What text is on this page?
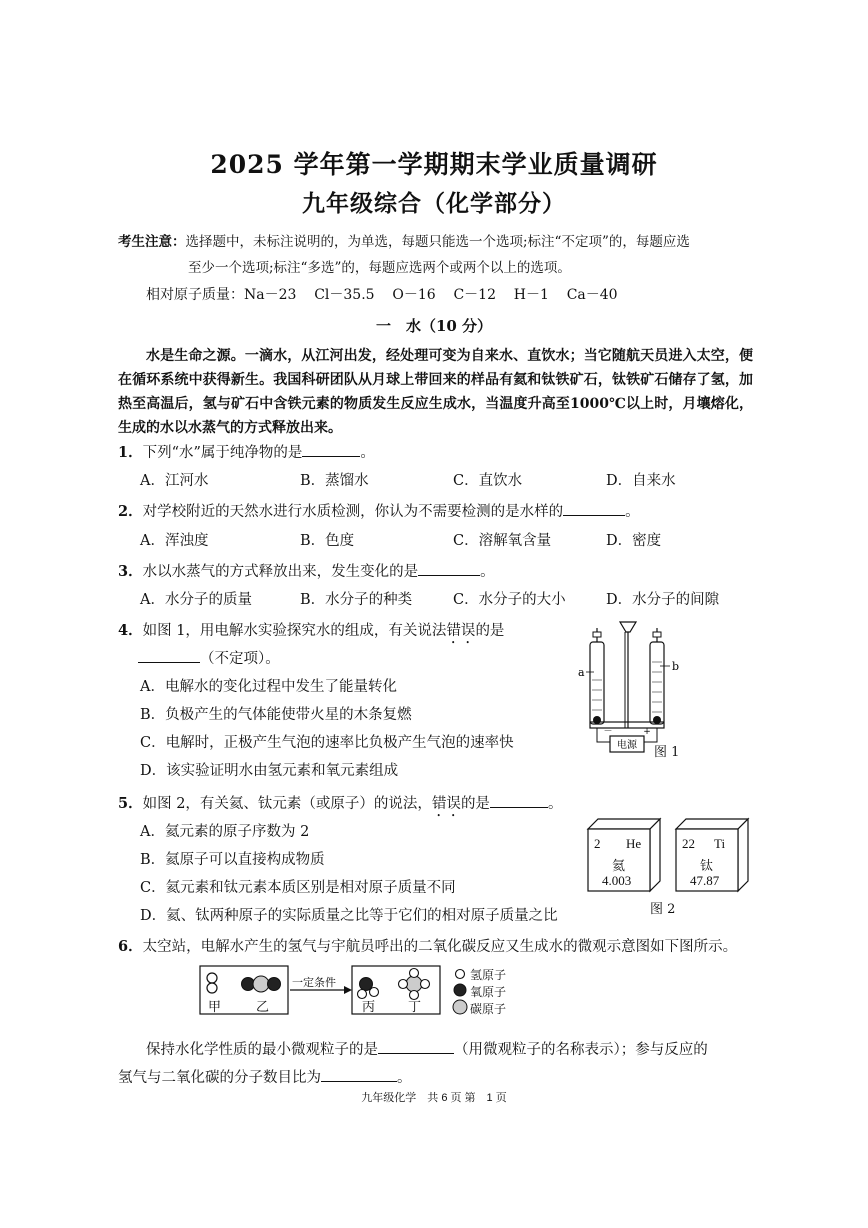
2025 学年第一学期期末学业质量调研
九年级综合（化学部分）
考生注意：选择题中，未标注说明的，为单选，每题只能选一个选项;标注“不定项”的，每题应选
至少一个选项;标注“多选”的，每题应选两个或两个以上的选项。
相对原子质量：Na－23    Cl－35.5    O－16    C－12    H－1    Ca－40
一　水（10 分）
水是生命之源。一滴水，从江河出发，经处理可变为自来水、直饮水；当它随航天员进入太空，便在循环系统中获得新生。我国科研团队从月球上带回来的样品有氦和钛铁矿石，钛铁矿石储存了氢，加热至高温后，氢与矿石中含铁元素的物质发生反应生成水，当温度升高至1000℃以上时，月壤熔化，生成的水以水蒸气的方式释放出来。
1．下列“水”属于纯净物的是	。
A．江河水	B．蒸馏水	C．直饮水	D．自来水
2．对学校附近的天然水进行水质检测，你认为不需要检测的是水样的	。
A．浑浊度	B．色度	C．溶解氧含量	D．密度
3．水以水蒸气的方式释放出来，发生变化的是	。
A．水分子的质量	B．水分子的种类	C．水分子的大小	D．水分子的间隙
4．如图 1，用电解水实验探究水的组成，有关说法错误的是
（不定项）。
A．电解水的变化过程中发生了能量转化
B．负极产生的气体能使带火星的木条复燃
C．电解时，正极产生气泡的速率比负极产生气泡的速率快
D．该实验证明水由氢元素和氧元素组成
电源
－	+
a	b
图 1
5．如图 2，有关氦、钛元素（或原子）的说法，错误的是	。
A．氦元素的原子序数为 2
B．氦原子可以直接构成物质
C．氦元素和钛元素本质区别是相对原子质量不同
D．氦、钛两种原子的实际质量之比等于它们的相对原子质量之比
2 He
氦
4.003
22 Ti
钛
47.87
图 2
6．太空站，电解水产生的氢气与宇航员呼出的二氧化碳反应又生成水的微观示意图如下图所示。
甲	乙	丙	丁
一定条件
氢原子
氧原子
碳原子
保持水化学性质的最小微观粒子的是	（用微观粒子的名称表示）；参与反应的
氢气与二氧化碳的分子数目比为	。
九年级化学　共 6 页 第　1 页
